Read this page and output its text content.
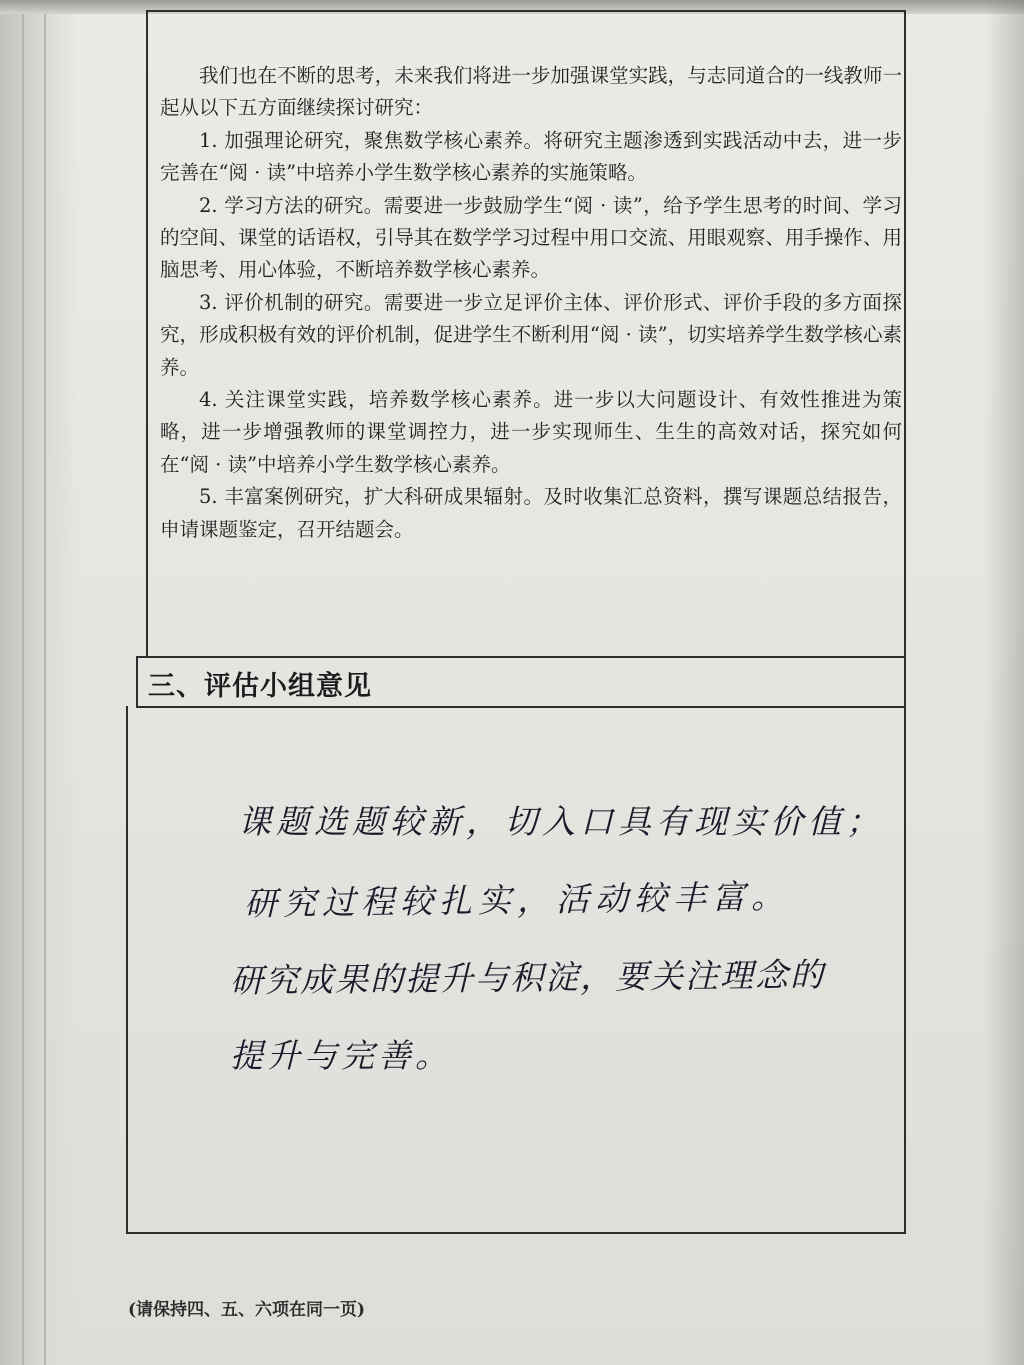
我们也在不断的思考，未来我们将进一步加强课堂实践，与志同道合的一线教师一起从以下五方面继续探讨研究：

1. 加强理论研究，聚焦数学核心素养。将研究主题渗透到实践活动中去，进一步完善在“阅 · 读”中培养小学生数学核心素养的实施策略。

2. 学习方法的研究。需要进一步鼓励学生“阅 · 读”，给予学生思考的时间、学习的空间、课堂的话语权，引导其在数学学习过程中用口交流、用眼观察、用手操作、用脑思考、用心体验，不断培养数学核心素养。

3. 评价机制的研究。需要进一步立足评价主体、评价形式、评价手段的多方面探究，形成积极有效的评价机制，促进学生不断利用“阅 · 读”，切实培养学生数学核心素养。

4. 关注课堂实践，培养数学核心素养。进一步以大问题设计、有效性推进为策略，进一步增强教师的课堂调控力，进一步实现师生、生生的高效对话，探究如何在“阅 · 读”中培养小学生数学核心素养。

5. 丰富案例研究，扩大科研成果辐射。及时收集汇总资料，撰写课题总结报告，申请课题鉴定，召开结题会。

三、评估小组意见
课题选题较新，切入口具有现实价值；
研究过程较扎实，活动较丰富。
研究成果的提升与积淀，要关注理念的
提升与完善。
(请保持四、五、六项在同一页)
